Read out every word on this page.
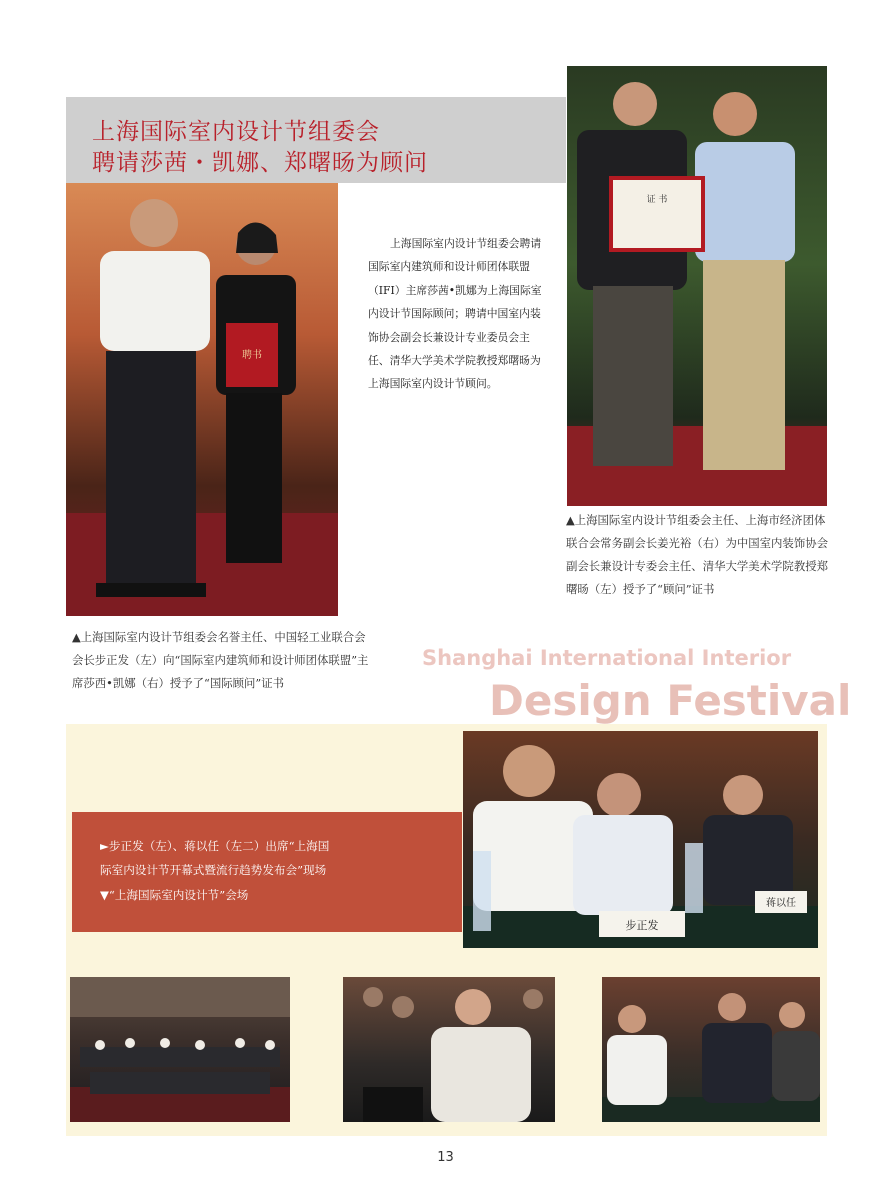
上海国际室内设计节组委会
聘请莎茜・凯娜、郑曙旸为顾问
聘书

上海国际室内设计节组委会聘请国际室内建筑师和设计师团体联盟（IFI）主席莎茜•凯娜为上海国际室内设计节国际顾问；聘请中国室内装饰协会副会长兼设计专业委员会主任、清华大学美术学院教授郑曙旸为上海国际室内设计节顾问。

证 书

▲上海国际室内设计节组委会名誉主任、中国轻工业联合会会长步正发（左）向“国际室内建筑师和设计师团体联盟”主席莎西•凯娜（右）授予了“国际顾问”证书

▲上海国际室内设计节组委会主任、上海市经济团体联合会常务副会长姜光裕（右）为中国室内装饰协会副会长兼设计专委会主任、清华大学美术学院教授郑曙旸（左）授予了“顾问”证书

Shanghai International Interior
Design Festival

►步正发（左）、蒋以任（左二）出席“上海国

际室内设计节开幕式暨流行趋势发布会”现场

▼“上海国际室内设计节”会场

步正发
蒋以任
13
